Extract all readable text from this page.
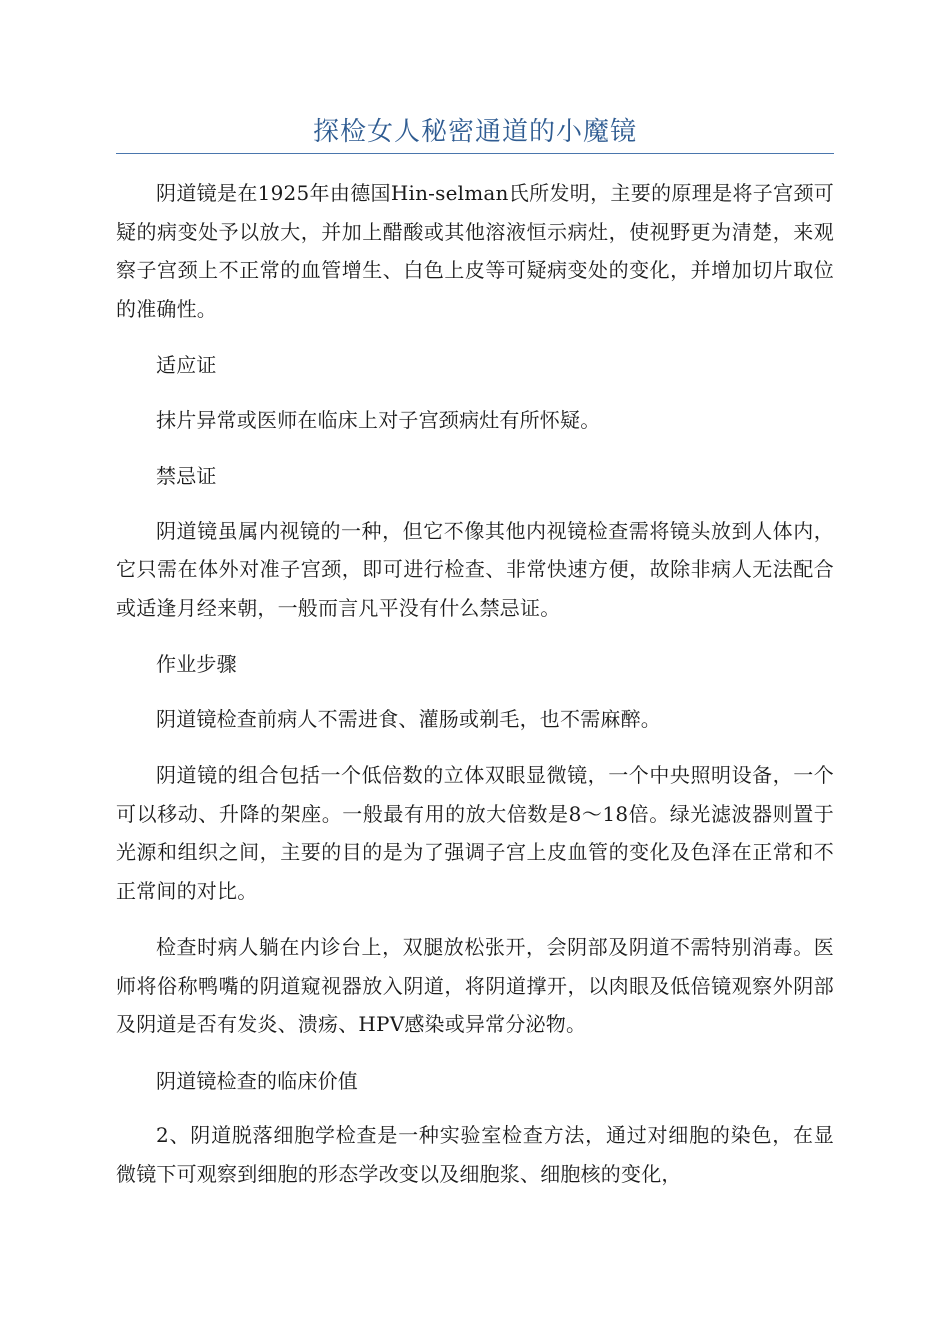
探检女人秘密通道的小魔镜

阴道镜是在1925年由德国Hin-selman氏所发明，主要的原理是将子宫颈可疑的病变处予以放大，并加上醋酸或其他溶液恒示病灶，使视野更为清楚，来观察子宫颈上不正常的血管增生、白色上皮等可疑病变处的变化，并增加切片取位的准确性。

适应证

抹片异常或医师在临床上对子宫颈病灶有所怀疑。

禁忌证

阴道镜虽属内视镜的一种，但它不像其他内视镜检查需将镜头放到人体内，它只需在体外对准子宫颈，即可进行检查、非常快速方便，故除非病人无法配合或适逢月经来朝，一般而言凡平没有什么禁忌证。

作业步骤

阴道镜检查前病人不需进食、灌肠或剃毛，也不需麻醉。

阴道镜的组合包括一个低倍数的立体双眼显微镜，一个中央照明设备，一个可以移动、升降的架座。一般最有用的放大倍数是8～18倍。绿光滤波器则置于光源和组织之间，主要的目的是为了强调子宫上皮血管的变化及色泽在正常和不正常间的对比。

检查时病人躺在内诊台上，双腿放松张开，会阴部及阴道不需特别消毒。医师将俗称鸭嘴的阴道窥视器放入阴道，将阴道撑开，以肉眼及低倍镜观察外阴部及阴道是否有发炎、溃疡、HPV感染或异常分泌物。

阴道镜检查的临床价值

2、阴道脱落细胞学检查是一种实验室检查方法，通过对细胞的染色，在显微镜下可观察到细胞的形态学改变以及细胞浆、细胞核的变化，
